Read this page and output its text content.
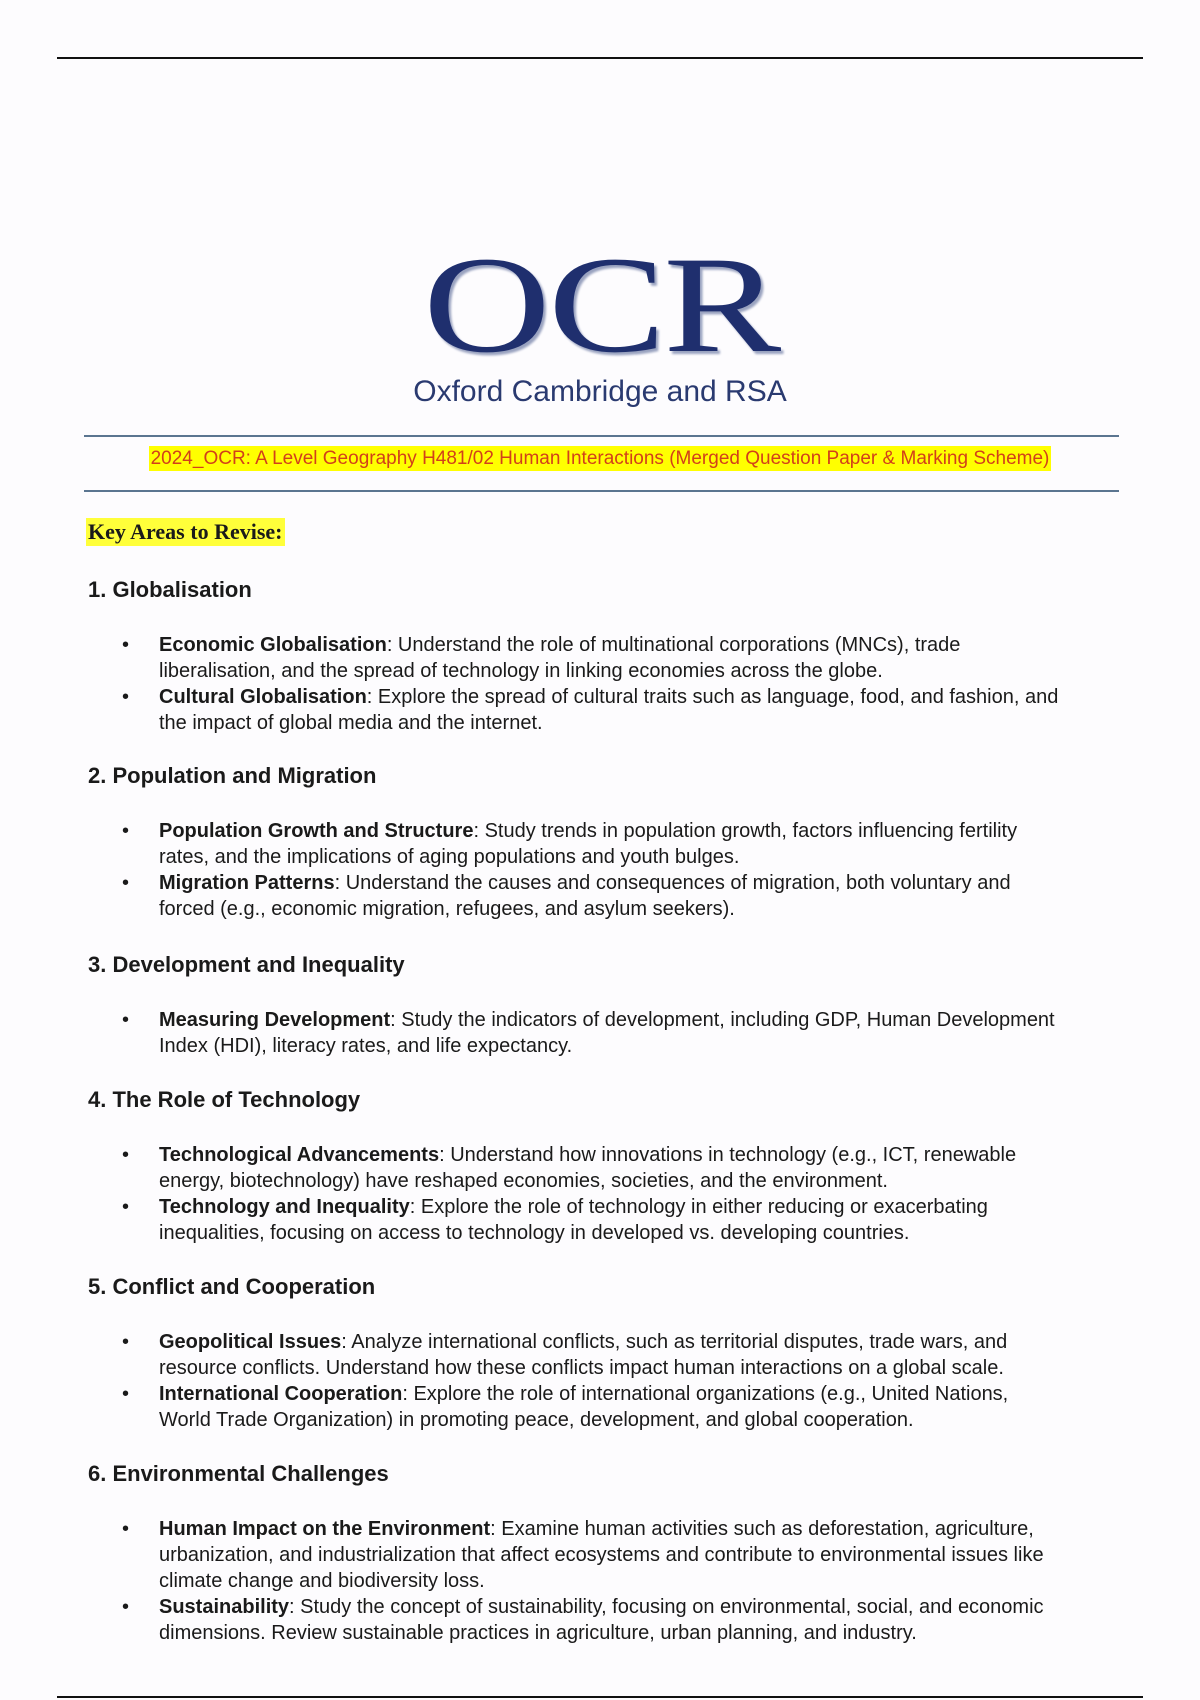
OCR
Oxford Cambridge and RSA
2024_OCR: A Level Geography H481/02 Human Interactions (Merged Question Paper & Marking Scheme)
Key Areas to Revise:
1. Globalisation
• Economic Globalisation: Understand the role of multinational corporations (MNCs), trade liberalisation, and the spread of technology in linking economies across the globe.
• Cultural Globalisation: Explore the spread of cultural traits such as language, food, and fashion, and the impact of global media and the internet.
2. Population and Migration
• Population Growth and Structure: Study trends in population growth, factors influencing fertility rates, and the implications of aging populations and youth bulges.
• Migration Patterns: Understand the causes and consequences of migration, both voluntary and forced (e.g., economic migration, refugees, and asylum seekers).
3. Development and Inequality
• Measuring Development: Study the indicators of development, including GDP, Human Development Index (HDI), literacy rates, and life expectancy.
4. The Role of Technology
• Technological Advancements: Understand how innovations in technology (e.g., ICT, renewable energy, biotechnology) have reshaped economies, societies, and the environment.
• Technology and Inequality: Explore the role of technology in either reducing or exacerbating inequalities, focusing on access to technology in developed vs. developing countries.
5. Conflict and Cooperation
• Geopolitical Issues: Analyze international conflicts, such as territorial disputes, trade wars, and resource conflicts. Understand how these conflicts impact human interactions on a global scale.
• International Cooperation: Explore the role of international organizations (e.g., United Nations, World Trade Organization) in promoting peace, development, and global cooperation.
6. Environmental Challenges
• Human Impact on the Environment: Examine human activities such as deforestation, agriculture, urbanization, and industrialization that affect ecosystems and contribute to environmental issues like climate change and biodiversity loss.
• Sustainability: Study the concept of sustainability, focusing on environmental, social, and economic dimensions. Review sustainable practices in agriculture, urban planning, and industry.
